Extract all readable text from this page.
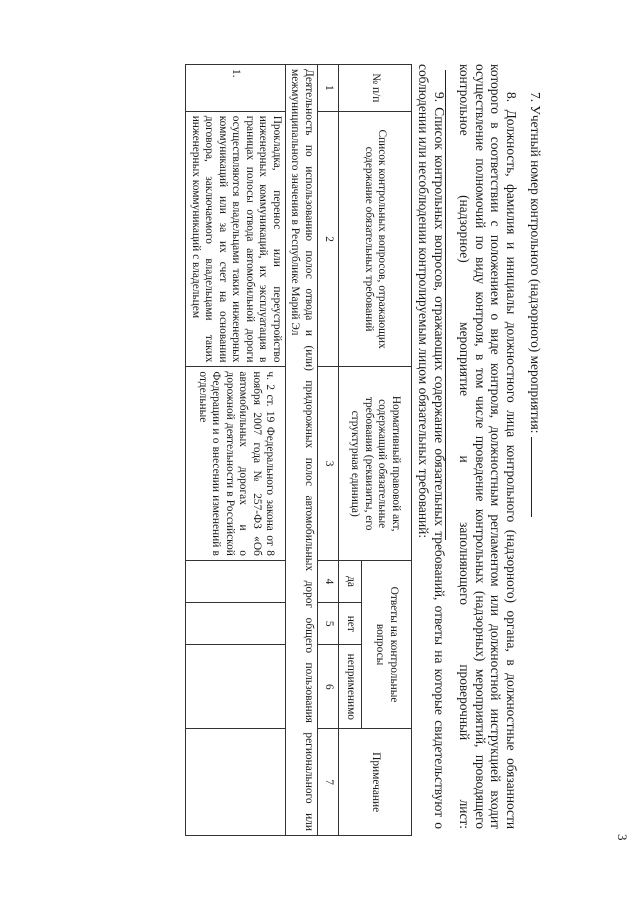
3
7. Учетный номер контрольного (надзорного) мероприятия:
8. Должность, фамилия и инициалы должностного лица контрольного (надзорного) органа, в должностные обязанности которого в соответствии с положением о виде контроля, должностным регламентом или должностной инструкцией входит осуществление полномочий по виду контроля, в том числе проведение контрольных (надзорных) мероприятий, проводящего контрольное (надзорное) мероприятие и заполняющего проверочный лист:
9. Список контрольных вопросов, отражающих содержание обязательных требований, ответы на которые свидетельствуют о соблюдении или несоблюдении контролируемым лицом обязательных требований:
№ п/п	Список контрольных вопросов, отражающих содержание обязательных требований	Нормативный правовой акт, содержащий обязательные требования (реквизиты, его структурная единица)	Ответы на контрольные вопросы			Примечание
			да	нет	неприменимо	
1	2	3	4	5	6	7
Деятельность по использованию полос отвода и (или) придорожных полос автомобильных дорог общего пользования регионального или межмуниципального значения в Республике Марий Эл						
1.	Прокладка, перенос или переустройство инженерных коммуникаций, их эксплуатация в границах полосы отвода автомобильной дороги осуществляются владельцами таких инженерных коммуникаций или за их счет на основании договора, заключаемого владельцами таких инженерных коммуникаций с владельцем	ч. 2 ст. 19 Федерального закона от 8 ноября 2007 года № 257-ФЗ «Об автомобильных дорогах и о дорожной деятельности в Российской Федерации и о внесении изменений в отдельные				
